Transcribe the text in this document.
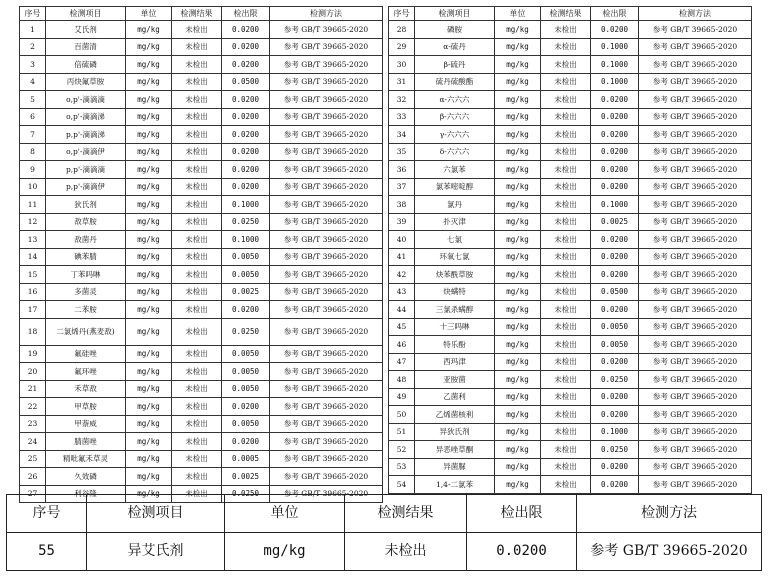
序号	检测项目	单位	检测结果	检出限	检测方法
1	艾氏剂	mg/kg	未检出	0.0200	参考 GB/T 39665-2020
2	百菌清	mg/kg	未检出	0.0200	参考 GB/T 39665-2020
3	倍硫磷	mg/kg	未检出	0.0200	参考 GB/T 39665-2020
4	丙炔氟草胺	mg/kg	未检出	0.0500	参考 GB/T 39665-2020
5	o,p'-滴滴滴	mg/kg	未检出	0.0200	参考 GB/T 39665-2020
6	o,p'-滴滴涕	mg/kg	未检出	0.0200	参考 GB/T 39665-2020
7	p,p'-滴滴涕	mg/kg	未检出	0.0200	参考 GB/T 39665-2020
8	o,p'-滴滴伊	mg/kg	未检出	0.0200	参考 GB/T 39665-2020
9	p,p'-滴滴滴	mg/kg	未检出	0.0200	参考 GB/T 39665-2020
10	p,p'-滴滴伊	mg/kg	未检出	0.0200	参考 GB/T 39665-2020
11	狄氏剂	mg/kg	未检出	0.1000	参考 GB/T 39665-2020
12	敌草胺	mg/kg	未检出	0.0250	参考 GB/T 39665-2020
13	敌菌丹	mg/kg	未检出	0.1000	参考 GB/T 39665-2020
14	碘苯腈	mg/kg	未检出	0.0050	参考 GB/T 39665-2020
15	丁苯吗啉	mg/kg	未检出	0.0050	参考 GB/T 39665-2020
16	多菌灵	mg/kg	未检出	0.0025	参考 GB/T 39665-2020
17	二苯胺	mg/kg	未检出	0.0200	参考 GB/T 39665-2020
18	二氯烯丹(燕麦敌)	mg/kg	未检出	0.0250	参考 GB/T 39665-2020
19	氟硅唑	mg/kg	未检出	0.0050	参考 GB/T 39665-2020
20	氟环唑	mg/kg	未检出	0.0050	参考 GB/T 39665-2020
21	禾草敌	mg/kg	未检出	0.0050	参考 GB/T 39665-2020
22	甲草胺	mg/kg	未检出	0.0200	参考 GB/T 39665-2020
23	甲萘威	mg/kg	未检出	0.0050	参考 GB/T 39665-2020
24	腈菌唑	mg/kg	未检出	0.0200	参考 GB/T 39665-2020
25	精吡氟禾草灵	mg/kg	未检出	0.0005	参考 GB/T 39665-2020
26	久效磷	mg/kg	未检出	0.0025	参考 GB/T 39665-2020
27	利谷隆	mg/kg	未检出	0.0250	参考 GB/T 39665-2020
序号	检测项目	单位	检测结果	检出限	检测方法
28	磷胺	mg/kg	未检出	0.0200	参考 GB/T 39665-2020
29	α-硫丹	mg/kg	未检出	0.1000	参考 GB/T 39665-2020
30	β-硫丹	mg/kg	未检出	0.1000	参考 GB/T 39665-2020
31	硫丹硫酸酯	mg/kg	未检出	0.1000	参考 GB/T 39665-2020
32	α-六六六	mg/kg	未检出	0.0200	参考 GB/T 39665-2020
33	β-六六六	mg/kg	未检出	0.0200	参考 GB/T 39665-2020
34	γ-六六六	mg/kg	未检出	0.0200	参考 GB/T 39665-2020
35	δ-六六六	mg/kg	未检出	0.0200	参考 GB/T 39665-2020
36	六氯苯	mg/kg	未检出	0.0200	参考 GB/T 39665-2020
37	氯苯嘧啶醇	mg/kg	未检出	0.0200	参考 GB/T 39665-2020
38	氯丹	mg/kg	未检出	0.1000	参考 GB/T 39665-2020
39	扑灭津	mg/kg	未检出	0.0025	参考 GB/T 39665-2020
40	七氯	mg/kg	未检出	0.0200	参考 GB/T 39665-2020
41	环氧七氯	mg/kg	未检出	0.0200	参考 GB/T 39665-2020
42	炔苯酰草胺	mg/kg	未检出	0.0200	参考 GB/T 39665-2020
43	炔螨特	mg/kg	未检出	0.0500	参考 GB/T 39665-2020
44	三氯杀螨醇	mg/kg	未检出	0.0200	参考 GB/T 39665-2020
45	十三吗啉	mg/kg	未检出	0.0050	参考 GB/T 39665-2020
46	特乐酚	mg/kg	未检出	0.0050	参考 GB/T 39665-2020
47	西玛津	mg/kg	未检出	0.0200	参考 GB/T 39665-2020
48	亚胺菌	mg/kg	未检出	0.0250	参考 GB/T 39665-2020
49	乙菌利	mg/kg	未检出	0.0200	参考 GB/T 39665-2020
50	乙烯菌核利	mg/kg	未检出	0.0200	参考 GB/T 39665-2020
51	异狄氏剂	mg/kg	未检出	0.1000	参考 GB/T 39665-2020
52	异恶唑草酮	mg/kg	未检出	0.0250	参考 GB/T 39665-2020
53	异菌脲	mg/kg	未检出	0.0200	参考 GB/T 39665-2020
54	1,4-二氯苯	mg/kg	未检出	0.0200	参考 GB/T 39665-2020
序号	检测项目	单位	检测结果	检出限	检测方法
55	异艾氏剂	mg/kg	未检出	0.0200	参考 GB/T 39665-2020
